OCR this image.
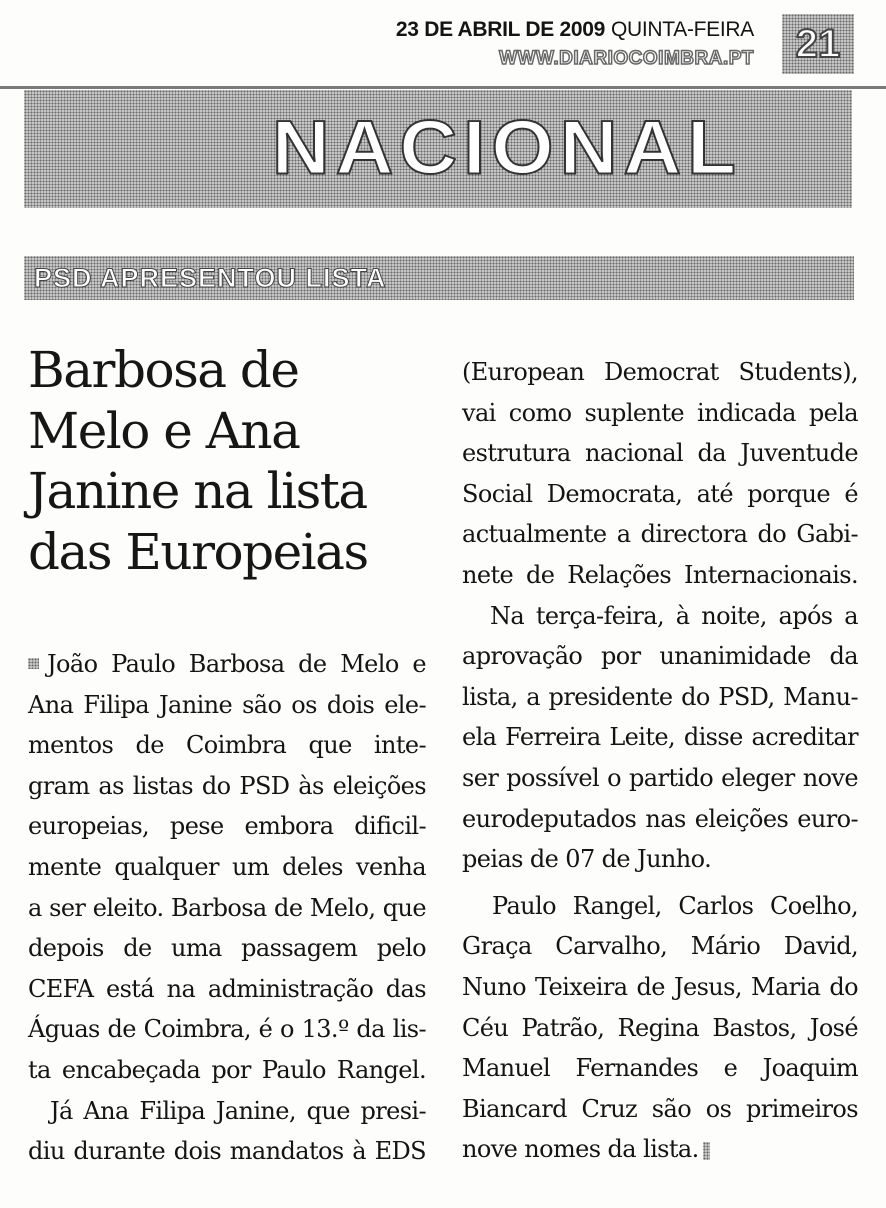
23 DE ABRIL DE 2009 QUINTA-FEIRA
WWW.DIARIOCOIMBRA.PT	21
NACIONAL
PSD APRESENTOU LISTA
Barbosa de
Melo e Ana
Janine na lista
das Europeias
João Paulo Barbosa de Melo e
Ana Filipa Janine são os dois ele-
mentos de Coimbra que inte-
gram as listas do PSD às eleições
europeias, pese embora dificil-
mente qualquer um deles venha
a ser eleito. Barbosa de Melo, que
depois de uma passagem pelo
CEFA está na administração das
Águas de Coimbra, é o 13.º da lis-
ta encabeçada por Paulo Rangel.
Já Ana Filipa Janine, que presi-
diu durante dois mandatos à EDS
(European Democrat Students),
vai como suplente indicada pela
estrutura nacional da Juventude
Social Democrata, até porque é
actualmente a directora do Gabi-
nete de Relações Internacionais.
Na terça-feira, à noite, após a
aprovação por unanimidade da
lista, a presidente do PSD, Manu-
ela Ferreira Leite, disse acreditar
ser possível o partido eleger nove
eurodeputados nas eleições euro-
peias de 07 de Junho.
Paulo Rangel, Carlos Coelho,
Graça Carvalho, Mário David,
Nuno Teixeira de Jesus, Maria do
Céu Patrão, Regina Bastos, José
Manuel Fernandes e Joaquim
Biancard Cruz são os primeiros
nove nomes da lista.
